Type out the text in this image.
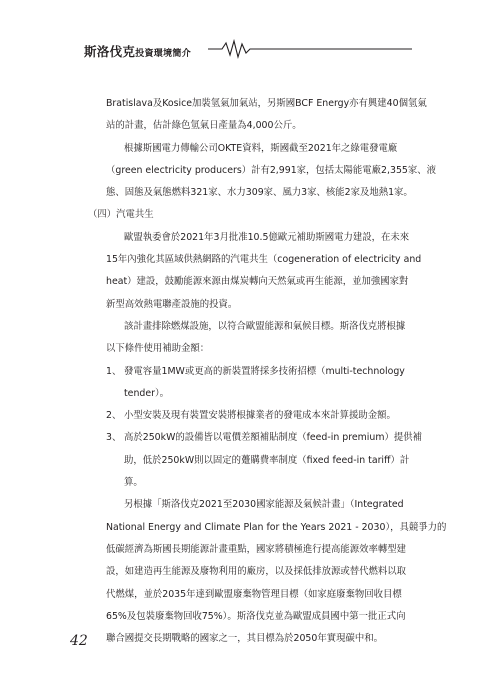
斯洛伐克投資環境簡介

Bratislava及Kosice加裝氫氣加氣站，另斯國BCF Energy亦有興建40個氫氣

站的計畫，估計綠色氫氣日產量為4,000公斤。

根據斯國電力傳輸公司OKTE資料，斯國截至2021年之綠電發電廠

（green electricity producers）計有2,991家，包括太陽能電廠2,355家、液

態、固態及氣態燃料321家、水力309家、風力3家、核能2家及地熱1家。

（四）汽電共生

歐盟執委會於2021年3月批准10.5億歐元補助斯國電力建設，在未來

15年內強化其區域供熱網路的汽電共生（cogeneration of electricity and

heat）建設，鼓勵能源來源由煤炭轉向天然氣或再生能源，並加強國家對

新型高效熱電聯產設施的投資。

該計畫排除燃煤設施，以符合歐盟能源和氣候目標。斯洛伐克將根據

以下條件使用補助金額：

1、 發電容量1MW或更高的新裝置將採多技術招標（multi-technology

tender）。

2、 小型安裝及現有裝置安裝將根據業者的發電成本來計算援助金額。

3、 高於250kW的設備皆以電價差額補貼制度（feed-in premium）提供補

助，低於250kW則以固定的躉購費率制度（fixed feed-in tariff）計

算。

另根據「斯洛伐克2021至2030國家能源及氣候計畫」（Integrated

National Energy and Climate Plan for the Years 2021 - 2030），具競爭力的

低碳經濟為斯國長期能源計畫重點，國家將積極進行提高能源效率轉型建

設，如建造再生能源及廢物利用的廠房，以及採低排放源或替代燃料以取

代燃煤，並於2035年達到歐盟廢棄物管理目標（如家庭廢棄物回收目標

65%及包裝廢棄物回收75%）。斯洛伐克並為歐盟成員國中第一批正式向

聯合國提交長期戰略的國家之一，其目標為於2050年實現碳中和。

42
